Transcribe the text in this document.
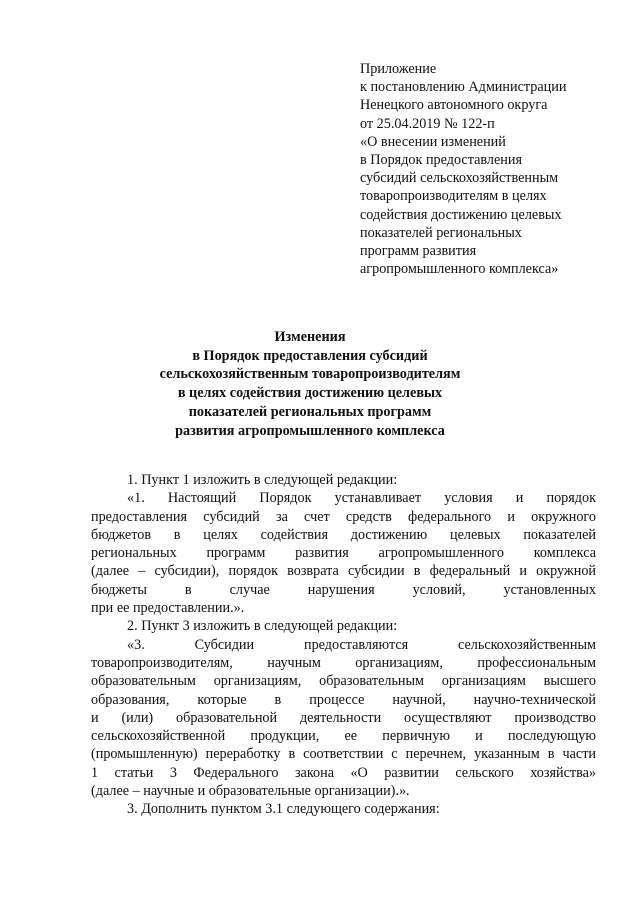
Приложение
к постановлению Администрации
Ненецкого автономного округа
от 25.04.2019 № 122-п
«О внесении изменений
в Порядок предоставления
субсидий сельскохозяйственным
товаропроизводителям в целях
содействия достижению целевых
показателей региональных
программ развития
агропромышленного комплекса»
Изменения
в Порядок предоставления субсидий
сельскохозяйственным товаропроизводителям
в целях содействия достижению целевых
показателей региональных программ
развития агропромышленного комплекса

1. Пункт 1 изложить в следующей редакции:

«1. Настоящий Порядок устанавливает условия и порядок
предоставления субсидий за счет средств федерального и окружного
бюджетов в целях содействия достижению целевых показателей
региональных программ развития агропромышленного комплекса
(далее – субсидии), порядок возврата субсидии в федеральный и окружной
бюджеты в случае нарушения условий, установленных
при ее предоставлении.».

2. Пункт 3 изложить в следующей редакции:

«3. Субсидии предоставляются сельскохозяйственным
товаропроизводителям, научным организациям, профессиональным
образовательным организациям, образовательным организациям высшего
образования, которые в процессе научной, научно-технической
и (или) образовательной деятельности осуществляют производство
сельскохозяйственной продукции, ее первичную и последующую
(промышленную) переработку в соответствии с перечнем, указанным в части
1 статьи 3 Федерального закона «О развитии сельского хозяйства»
(далее – научные и образовательные организации).».

3. Дополнить пунктом 3.1 следующего содержания:
